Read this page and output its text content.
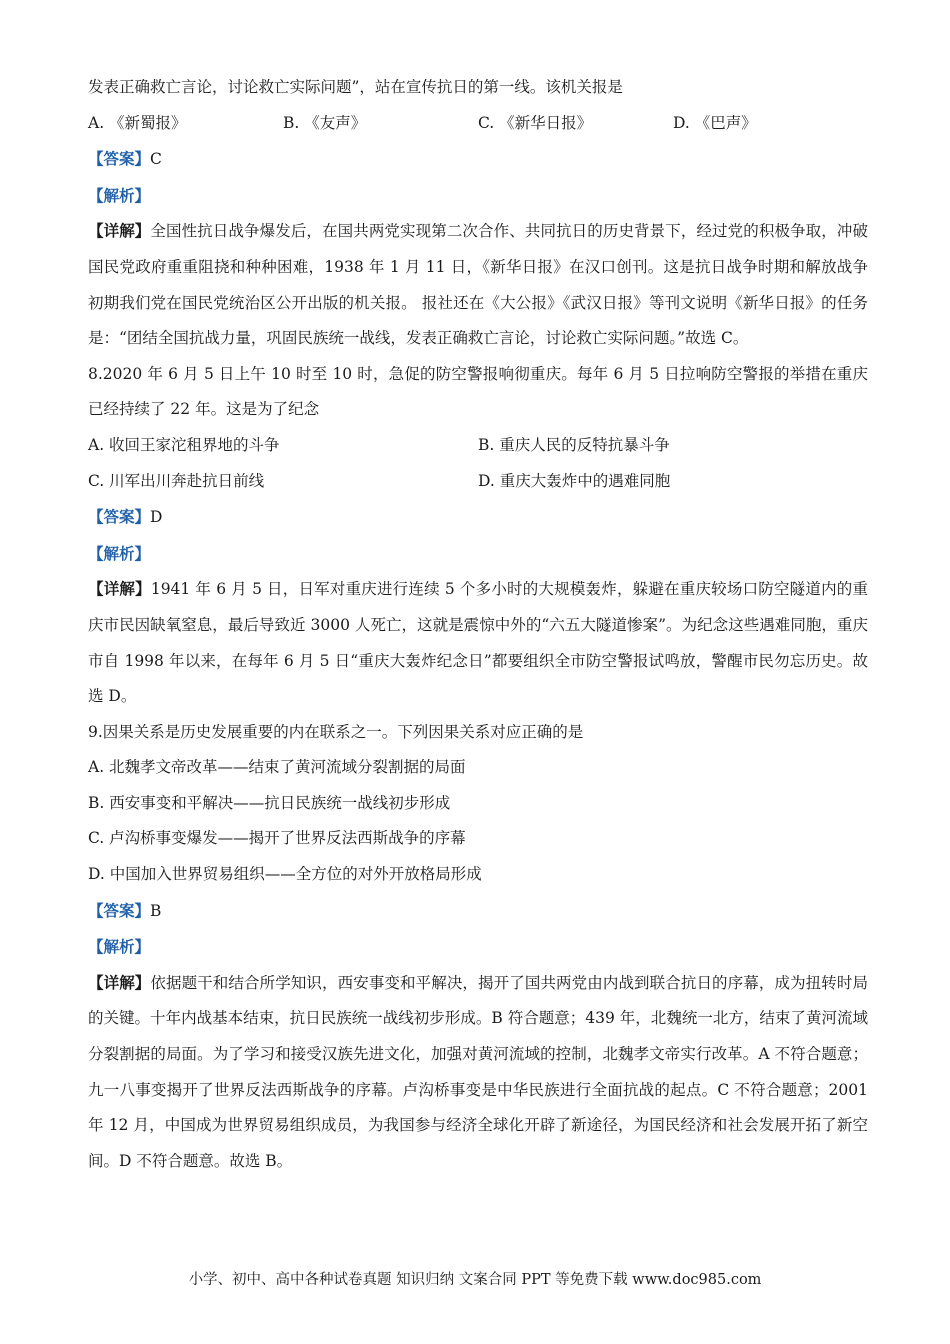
发表正确救亡言论，讨论救亡实际问题”，站在宣传抗日的第一线。该机关报是
A. 《新蜀报》	B. 《友声》	C. 《新华日报》	D. 《巴声》
【答案】C
【解析】
【详解】全国性抗日战争爆发后，在国共两党实现第二次合作、共同抗日的历史背景下，经过党的积极争取，冲破国民党政府重重阻挠和种种困难，1938 年 1 月 11 日，《新华日报》在汉口创刊。这是抗日战争时期和解放战争初期我们党在国民党统治区公开出版的机关报。 报社还在《大公报》《武汉日报》等刊文说明《新华日报》的任务是：“团结全国抗战力量，巩固民族统一战线，发表正确救亡言论，讨论救亡实际问题。”故选 C。
8.2020 年 6 月 5 日上午 10 时至 10 时，急促的防空警报响彻重庆。每年 6 月 5 日拉响防空警报的举措在重庆已经持续了 22 年。这是为了纪念
A. 收回王家沱租界地的斗争	B. 重庆人民的反特抗暴斗争
C. 川军出川奔赴抗日前线	D. 重庆大轰炸中的遇难同胞
【答案】D
【解析】
【详解】1941 年 6 月 5 日，日军对重庆进行连续 5 个多小时的大规模轰炸，躲避在重庆较场口防空隧道内的重庆市民因缺氧窒息，最后导致近 3000 人死亡，这就是震惊中外的“六五大隧道惨案”。为纪念这些遇难同胞，重庆市自 1998 年以来，在每年 6 月 5 日“重庆大轰炸纪念日”都要组织全市防空警报试鸣放，警醒市民勿忘历史。故选 D。
9.因果关系是历史发展重要的内在联系之一。下列因果关系对应正确的是
A. 北魏孝文帝改革——结束了黄河流域分裂割据的局面
B. 西安事变和平解决——抗日民族统一战线初步形成
C. 卢沟桥事变爆发——揭开了世界反法西斯战争的序幕
D. 中国加入世界贸易组织——全方位的对外开放格局形成
【答案】B
【解析】
【详解】依据题干和结合所学知识，西安事变和平解决，揭开了国共两党由内战到联合抗日的序幕，成为扭转时局的关键。十年内战基本结束，抗日民族统一战线初步形成。B 符合题意；439 年，北魏统一北方，结束了黄河流域分裂割据的局面。为了学习和接受汉族先进文化，加强对黄河流域的控制，北魏孝文帝实行改革。A 不符合题意；九一八事变揭开了世界反法西斯战争的序幕。卢沟桥事变是中华民族进行全面抗战的起点。C 不符合题意；2001 年 12 月，中国成为世界贸易组织成员，为我国参与经济全球化开辟了新途径，为国民经济和社会发展开拓了新空间。D 不符合题意。故选 B。
小学、初中、高中各种试卷真题 知识归纳 文案合同 PPT 等免费下载 www.doc985.com
